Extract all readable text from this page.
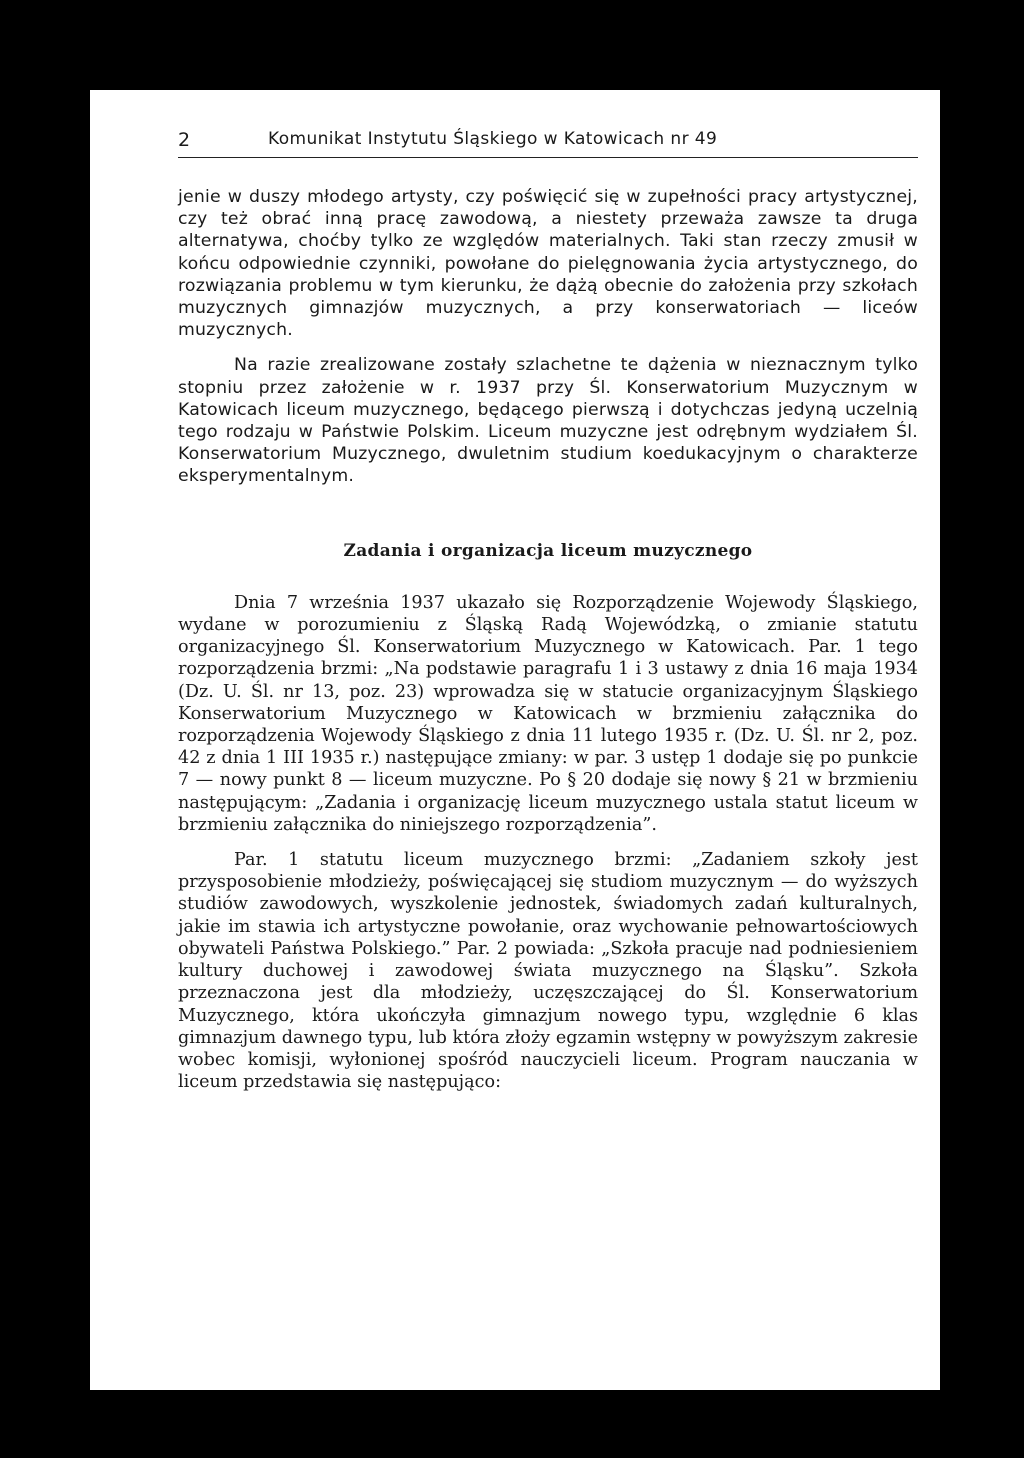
2	Komunikat Instytutu Śląskiego w Katowicach nr 49

jenie w duszy młodego artysty, czy poświęcić się w zupełności pracy artystycznej, czy też obrać inną pracę zawodową, a niestety przeważa zawsze ta druga alternatywa, choćby tylko ze względów materialnych. Taki stan rzeczy zmusił w końcu odpowiednie czynniki, powołane do pielęgnowania życia artystycznego, do rozwiązania problemu w tym kierunku, że dążą obecnie do założenia przy szkołach muzycznych gimnazjów muzycznych, a przy konserwatoriach — liceów muzycznych.

Na razie zrealizowane zostały szlachetne te dążenia w nieznacznym tylko stopniu przez założenie w r. 1937 przy Śl. Konserwatorium Muzycznym w Katowicach liceum muzycznego, będącego pierwszą i dotychczas jedyną uczelnią tego rodzaju w Państwie Polskim. Liceum muzyczne jest odrębnym wydziałem Śl. Konserwatorium Muzycznego, dwuletnim studium koedukacyjnym o charakterze eksperymentalnym.

Zadania i organizacja liceum muzycznego

Dnia 7 września 1937 ukazało się Rozporządzenie Wojewody Śląskiego, wydane w porozumieniu z Śląską Radą Wojewódzką, o zmianie statutu organizacyjnego Śl. Konserwatorium Muzycznego w Katowicach. Par. 1 tego rozporządzenia brzmi: „Na podstawie paragrafu 1 i 3 ustawy z dnia 16 maja 1934 (Dz. U. Śl. nr 13, poz. 23) wprowadza się w statucie organizacyjnym Śląskiego Konserwatorium Muzycznego w Katowicach w brzmieniu załącznika do rozporządzenia Wojewody Śląskiego z dnia 11 lutego 1935 r. (Dz. U. Śl. nr 2, poz. 42 z dnia 1 III 1935 r.) następujące zmiany: w par. 3 ustęp 1 dodaje się po punkcie 7 — nowy punkt 8 — liceum muzyczne. Po § 20 dodaje się nowy § 21 w brzmieniu następującym: „Zadania i organizację liceum muzycznego ustala statut liceum w brzmieniu załącznika do niniejszego rozporządzenia”.

Par. 1 statutu liceum muzycznego brzmi: „Zadaniem szkoły jest przysposobienie młodzieży, poświęcającej się studiom muzycznym — do wyższych studiów zawodowych, wyszkolenie jednostek, świadomych zadań kulturalnych, jakie im stawia ich artystyczne powołanie, oraz wychowanie pełnowartościowych obywateli Państwa Polskiego.” Par. 2 powiada: „Szkoła pracuje nad podniesieniem kultury duchowej i zawodowej świata muzycznego na Śląsku”. Szkoła przeznaczona jest dla młodzieży, uczęszczającej do Śl. Konserwatorium Muzycznego, która ukończyła gimnazjum nowego typu, względnie 6 klas gimnazjum dawnego typu, lub która złoży egzamin wstępny w powyższym zakresie wobec komisji, wyłonionej spośród nauczycieli liceum. Program nauczania w liceum przedstawia się następująco:
